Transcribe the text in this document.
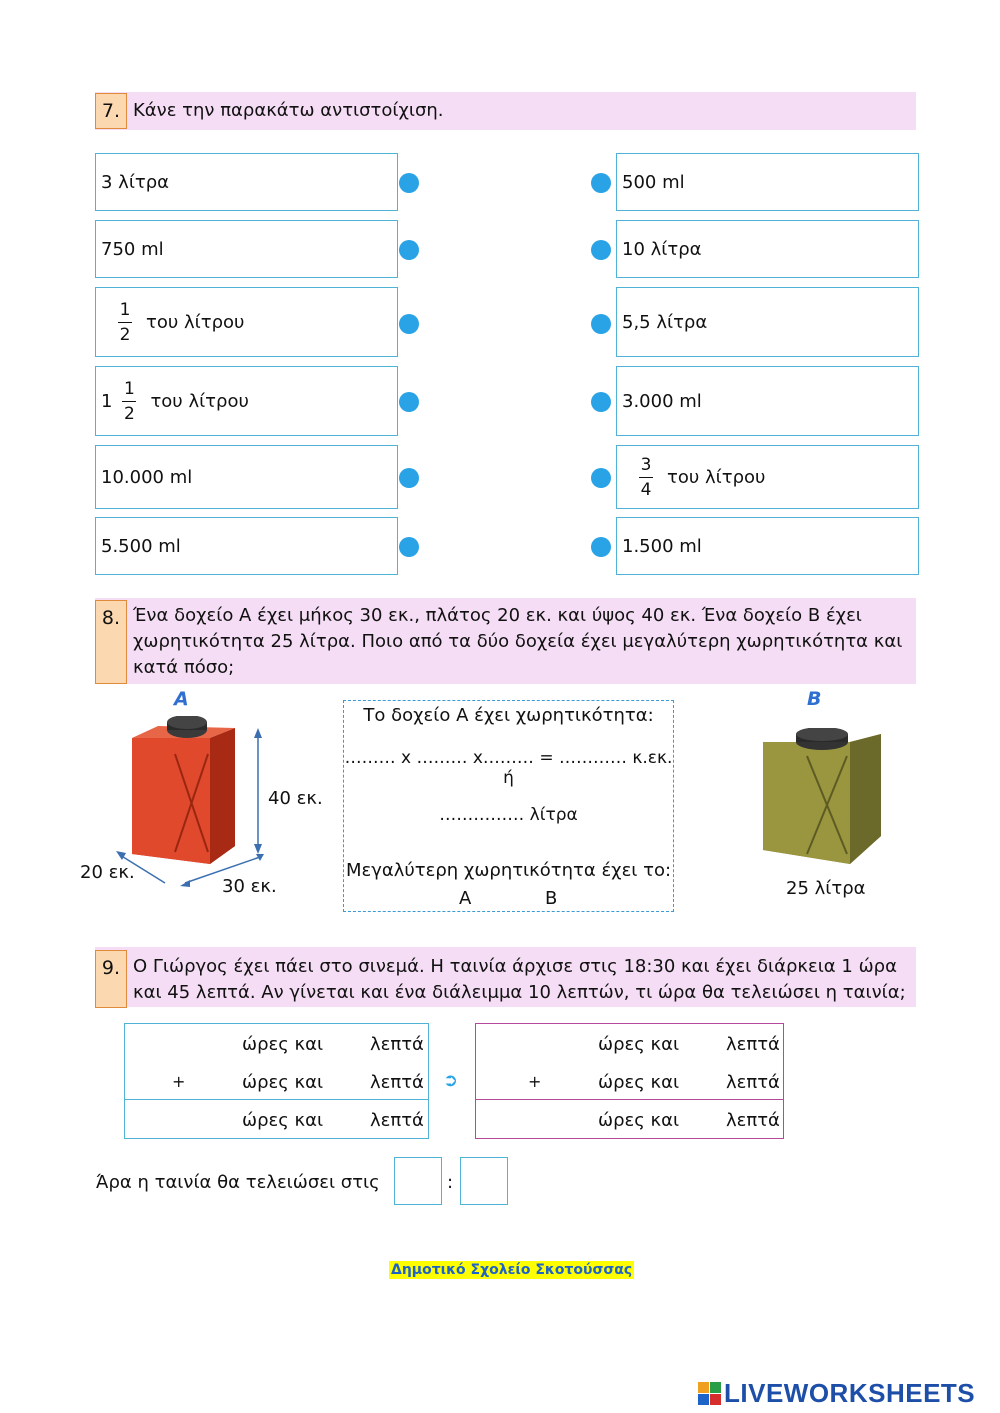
7. Κάνε την παρακάτω αντιστοίχιση.
3 λίτρα
750 ml
$\frac{1}{2}$ του λίτρου
$1 \frac{1}{2}$ του λίτρου
10.000 ml
5.500 ml
500 ml
10 λίτρα
5,5 λίτρα
3.000 ml
$\frac{3}{4}$ του λίτρου
1.500 ml
8. Ένα δοχείο Α έχει μήκος 30 εκ., πλάτος 20 εκ. και ύψος 40 εκ. Ένα δοχείο Β έχει
χωρητικότητα 25 λίτρα. Ποιο από τα δύο δοχεία έχει μεγαλύτερη χωρητικότητα και
κατά πόσο;
Α	Β
40 εκ.
20 εκ.
30 εκ.
Το δοχείο Α έχει χωρητικότητα:
……… x ……… x……… = ………… κ.εκ. ή
…………… λίτρα
Μεγαλύτερη χωρητικότητα έχει το:
Α	Β	25 λίτρα
9. Ο Γιώργος έχει πάει στο σινεμά. Η ταινία άρχισε στις 18:30 και έχει διάρκεια 1 ώρα
και 45 λεπτά. Αν γίνεται και ένα διάλειμμα 10 λεπτών, τι ώρα θα τελειώσει η ταινία;
ώρες και	λεπτά
+	ώρες και	λεπτά
ώρες και	λεπτά
➲
ώρες και	λεπτά
+	ώρες και	λεπτά
ώρες και	λεπτά
Άρα η ταινία θα τελειώσει στις	:
Δημοτικό Σχολείο Σκοτούσσας
LIVEWORKSHEETS
